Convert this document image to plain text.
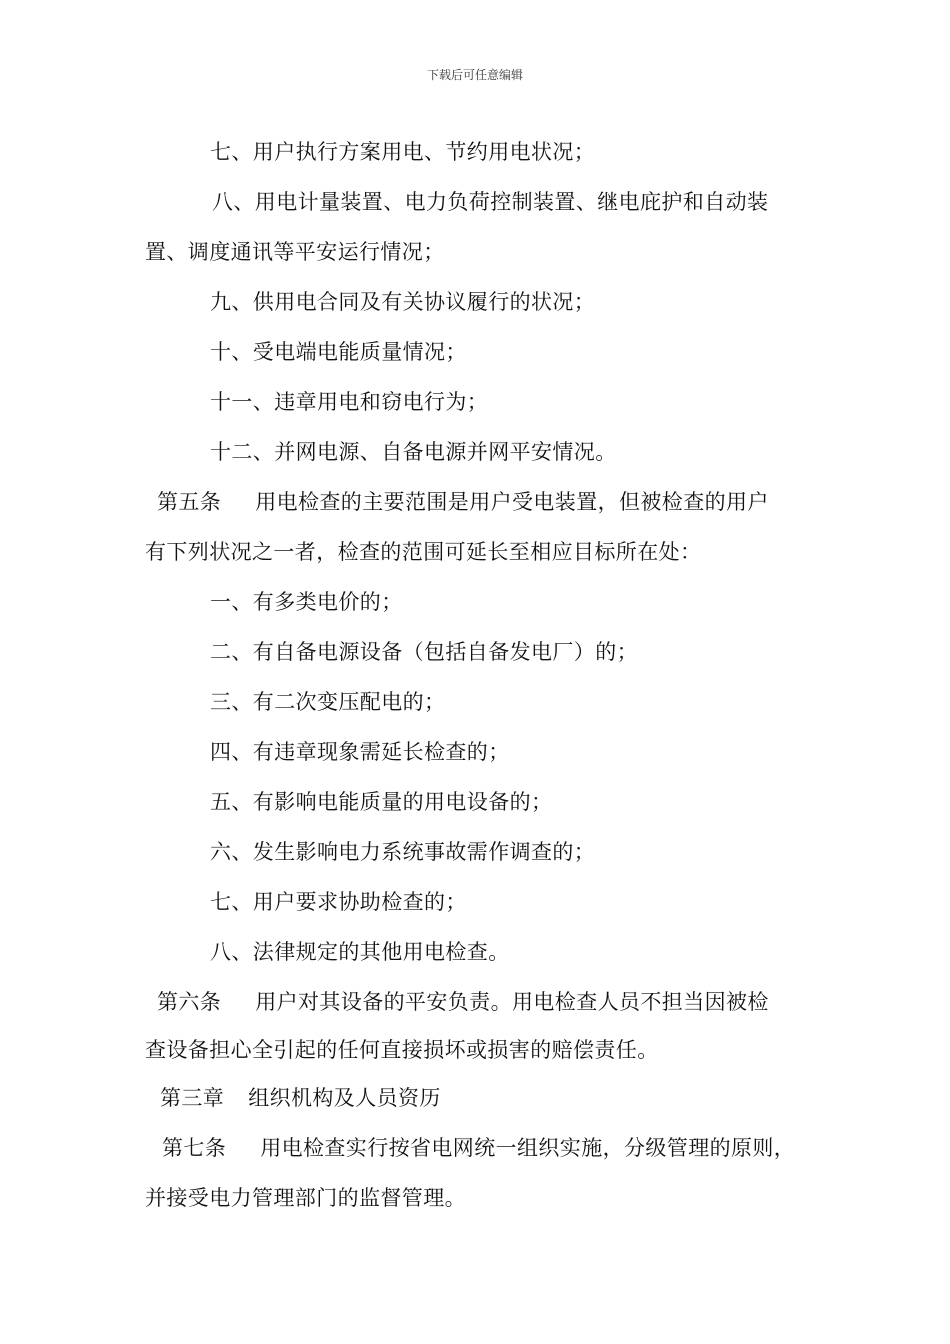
下载后可任意编辑
七、用户执行方案用电、节约用电状况；
八、用电计量装置、电力负荷控制装置、继电庇护和自动装
置、调度通讯等平安运行情况；
九、供用电合同及有关协议履行的状况；
十、受电端电能质量情况；
十一、违章用电和窃电行为；
十二、并网电源、自备电源并网平安情况。
第五条 用电检查的主要范围是用户受电装置，但被检查的用户
有下列状况之一者，检查的范围可延长至相应目标所在处：
一、有多类电价的；
二、有自备电源设备（包括自备发电厂）的；
三、有二次变压配电的；
四、有违章现象需延长检查的；
五、有影响电能质量的用电设备的；
六、发生影响电力系统事故需作调查的；
七、用户要求协助检查的；
八、法律规定的其他用电检查。
第六条 用户对其设备的平安负责。用电检查人员不担当因被检
查设备担心全引起的任何直接损坏或损害的赔偿责任。
第三章 组织机构及人员资历
第七条 用电检查实行按省电网统一组织实施，分级管理的原则，
并接受电力管理部门的监督管理。
